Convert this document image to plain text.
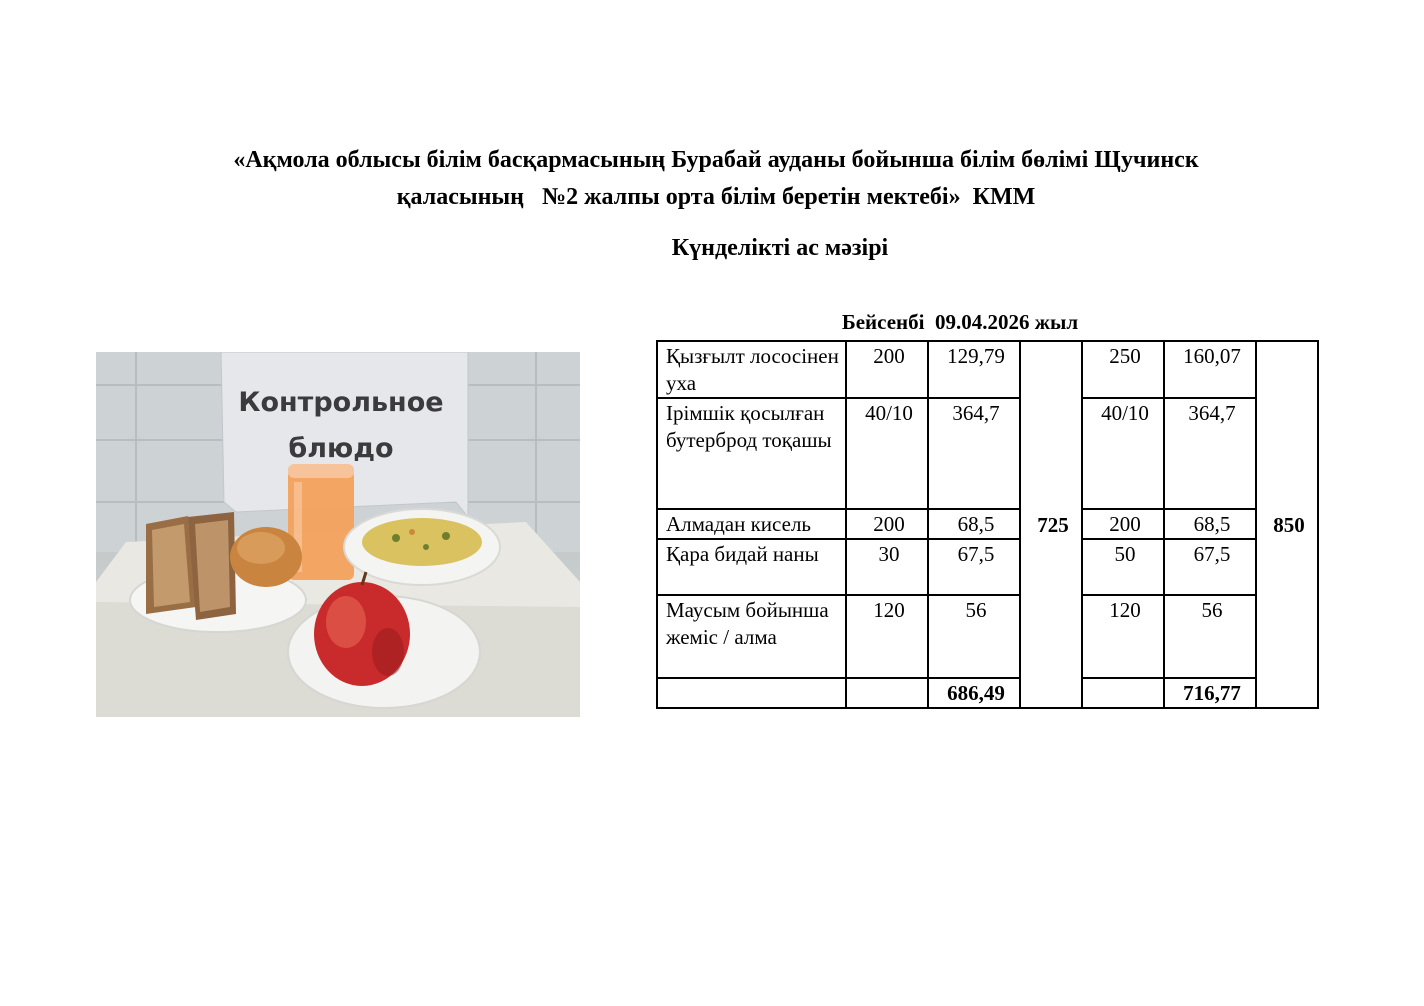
«Ақмола облысы білім басқармасының Бурабай ауданы бойынша білім бөлімі Щучинск
қаласының   №2 жалпы орта білім беретін мектебі»  КММ
Күнделікті ас мәзірі
Бейсенбі  09.04.2026 жыл
Контрольное
блюдо
Қызғылт лососінен уха	200	129,79	725	250	160,07	850
Ірімшік қосылған бутерброд тоқашы	40/10	364,7		40/10	364,7	
Алмадан кисель	200	68,5		200	68,5	
Қара бидай наны	30	67,5		50	67,5	
Маусым бойынша жеміс / алма	120	56		120	56	
		686,49			716,77	
